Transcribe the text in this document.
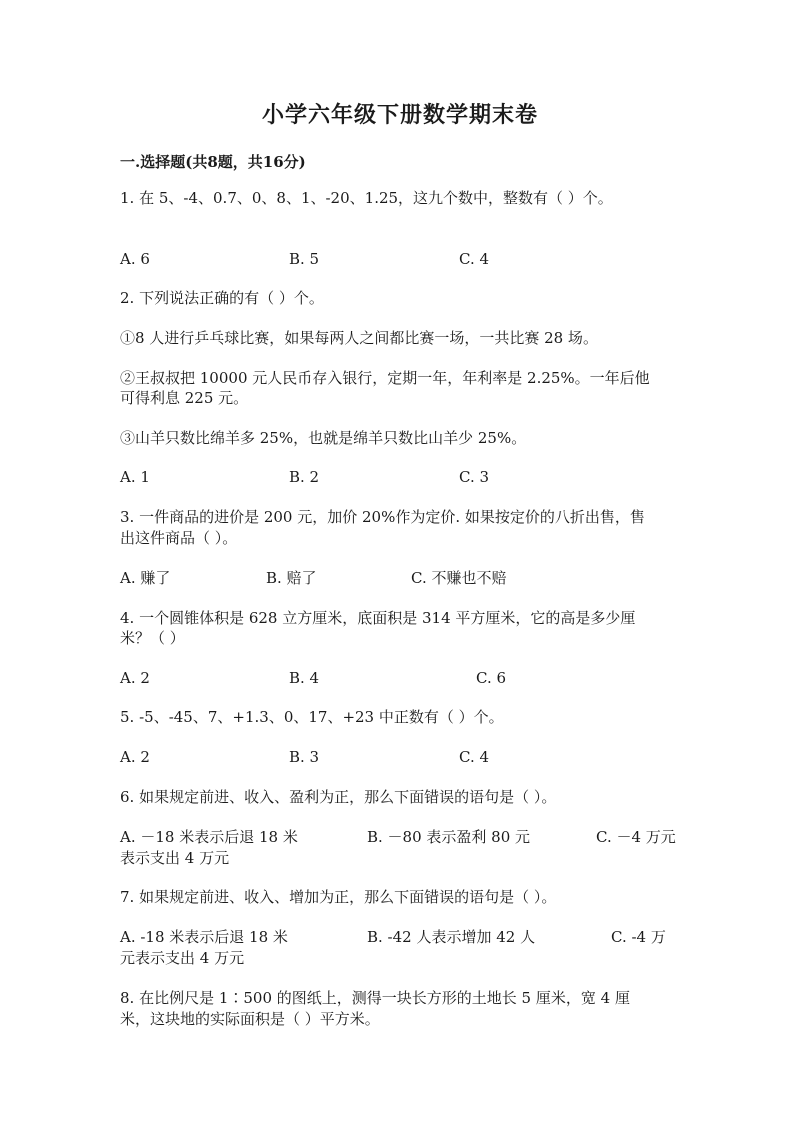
小学六年级下册数学期末卷
一.选择题(共8题，共16分)
1. 在 5、-4、0.7、0、8、1、-20、1.25，这九个数中，整数有（ ）个。
A. 6	B. 5	C. 4
2. 下列说法正确的有（ ）个。
①8 人进行乒乓球比赛，如果每两人之间都比赛一场，一共比赛 28 场。
②王叔叔把 10000 元人民币存入银行，定期一年，年利率是 2.25%。一年后他
可得利息 225 元。
③山羊只数比绵羊多 25%，也就是绵羊只数比山羊少 25%。
A. 1	B. 2	C. 3
3. 一件商品的进价是 200 元，加价 20%作为定价. 如果按定价的八折出售，售
出这件商品（ ）。
A. 赚了	B. 赔了	C. 不赚也不赔
4. 一个圆锥体积是 628 立方厘米，底面积是 314 平方厘米，它的高是多少厘
米？（ ）
A. 2	B. 4	C. 6
5. -5、-45、7、+1.3、0、17、+23 中正数有（ ）个。
A. 2	B. 3	C. 4
6. 如果规定前进、收入、盈利为正，那么下面错误的语句是（ ）。
A. －18 米表示后退 18 米	B. －80 表示盈利 80 元	C. －4 万元
表示支出 4 万元
7. 如果规定前进、收入、增加为正，那么下面错误的语句是（ ）。
A. -18 米表示后退 18 米	B. -42 人表示增加 42 人	C. -4 万
元表示支出 4 万元
8. 在比例尺是 1∶500 的图纸上，测得一块长方形的土地长 5 厘米，宽 4 厘
米，这块地的实际面积是（ ）平方米。
